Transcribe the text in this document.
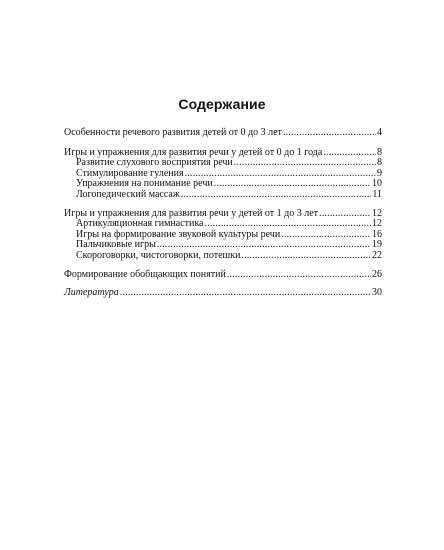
Содержание
Особенности речевого развития детей от 0 до 3 лет .....	4
Игры и упражнения для развития речи у детей от 0 до 1 года .....	8
Развитие слухового восприятия речи .....	8
Стимулирование гуления .....	9
Упражнения на понимание речи .....	10
Логопедический массаж .....	11
Игры и упражнения для развития речи у детей от 1 до 3 лет .....	12
Артикуляционная гимнастика .....	12
Игры на формирование звуковой культуры речи .....	16
Пальчиковые игры .....	19
Скороговорки, чистоговорки, потешки .....	22
Формирование обобщающих понятий .....	26
Литература .....	30
